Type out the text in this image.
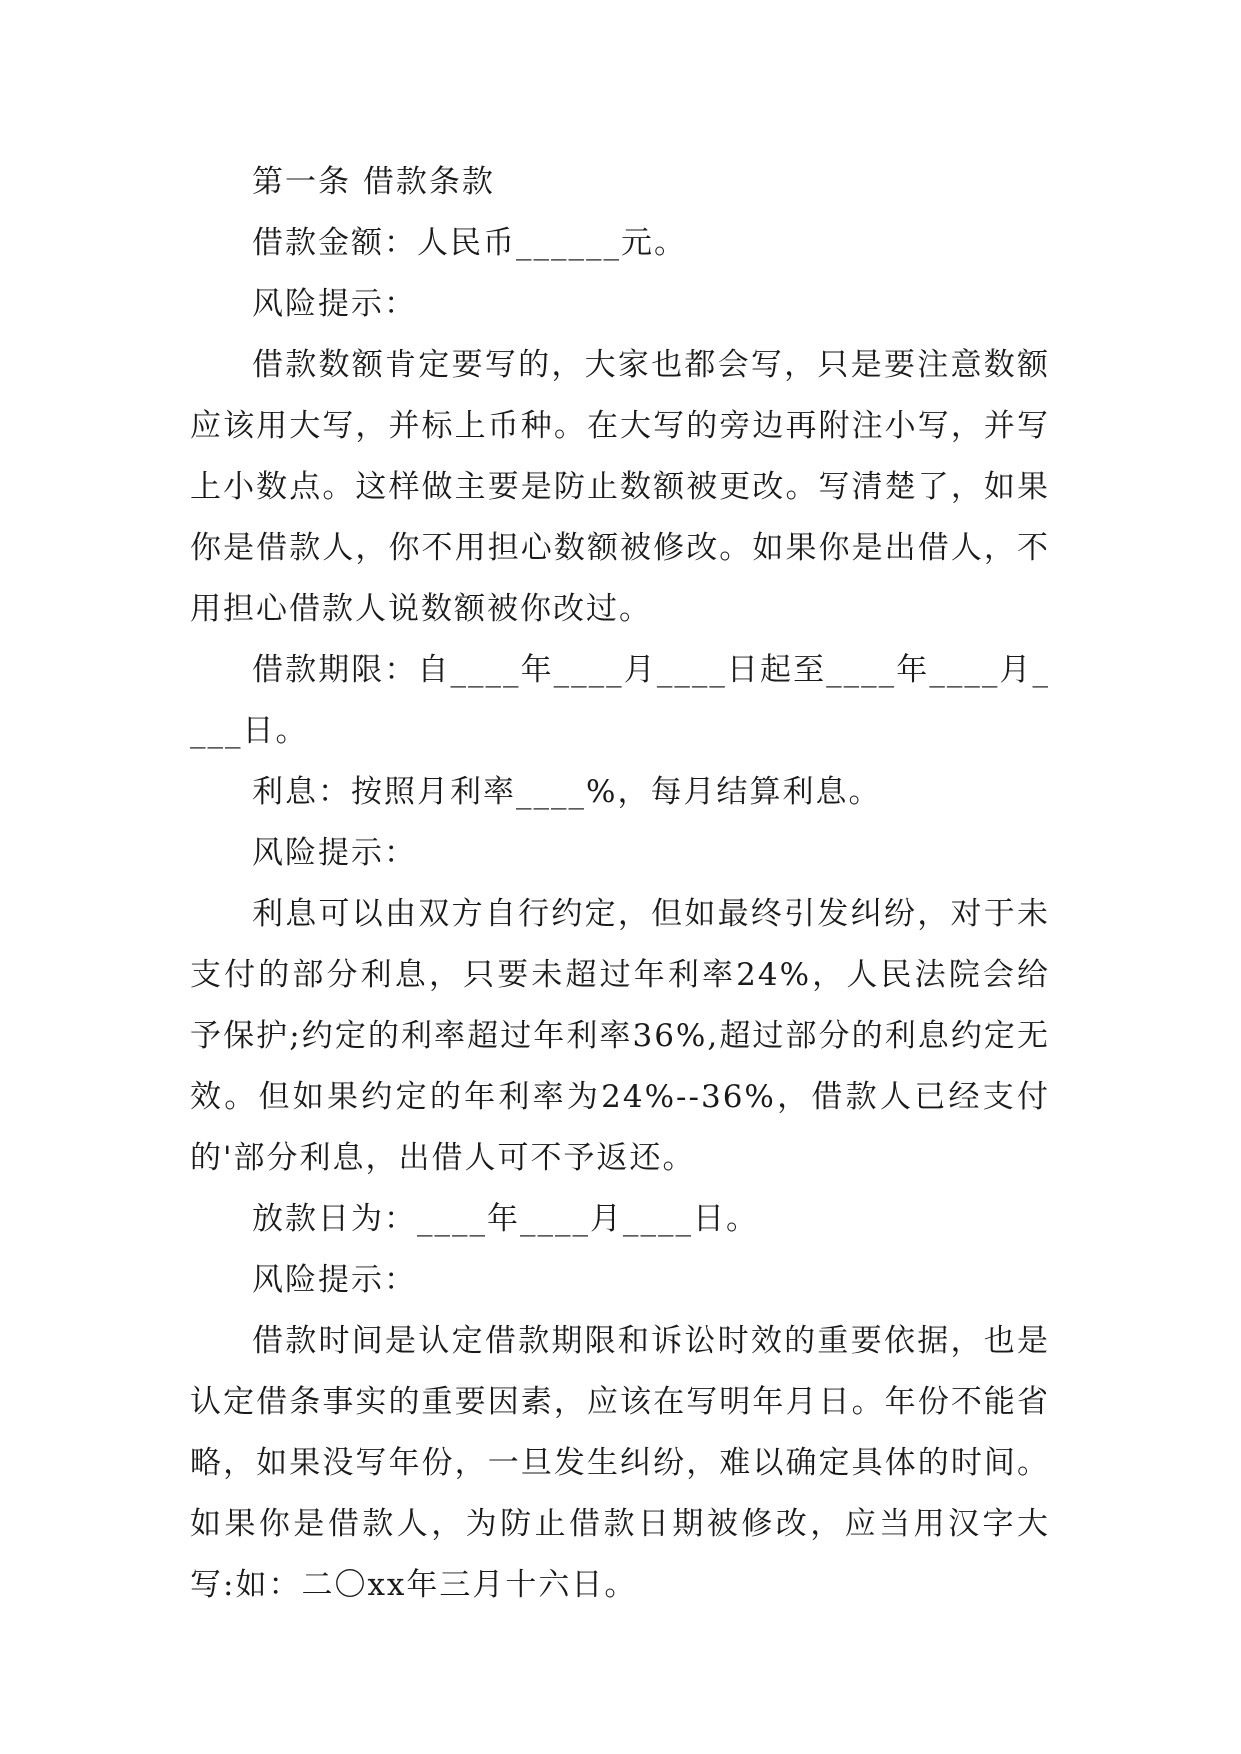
第一条 借款条款

借款金额：人民币______元。

风险提示：

借款数额肯定要写的，大家也都会写，只是要注意数额应该用大写，并标上币种。在大写的旁边再附注小写，并写上小数点。这样做主要是防止数额被更改。写清楚了，如果你是借款人，你不用担心数额被修改。如果你是出借人，不用担心借款人说数额被你改过。

借款期限：自____年____月____日起至____年____月____日。

利息：按照月利率____%，每月结算利息。

风险提示：

利息可以由双方自行约定，但如最终引发纠纷，对于未支付的部分利息，只要未超过年利率24%，人民法院会给予保护;约定的利率超过年利率36%,超过部分的利息约定无效。但如果约定的年利率为24%--36%，借款人已经支付的'部分利息，出借人可不予返还。

放款日为：____年____月____日。

风险提示：

借款时间是认定借款期限和诉讼时效的重要依据，也是认定借条事实的重要因素，应该在写明年月日。年份不能省略，如果没写年份，一旦发生纠纷，难以确定具体的时间。如果你是借款人，为防止借款日期被修改，应当用汉字大写:如：二〇xx年三月十六日。
